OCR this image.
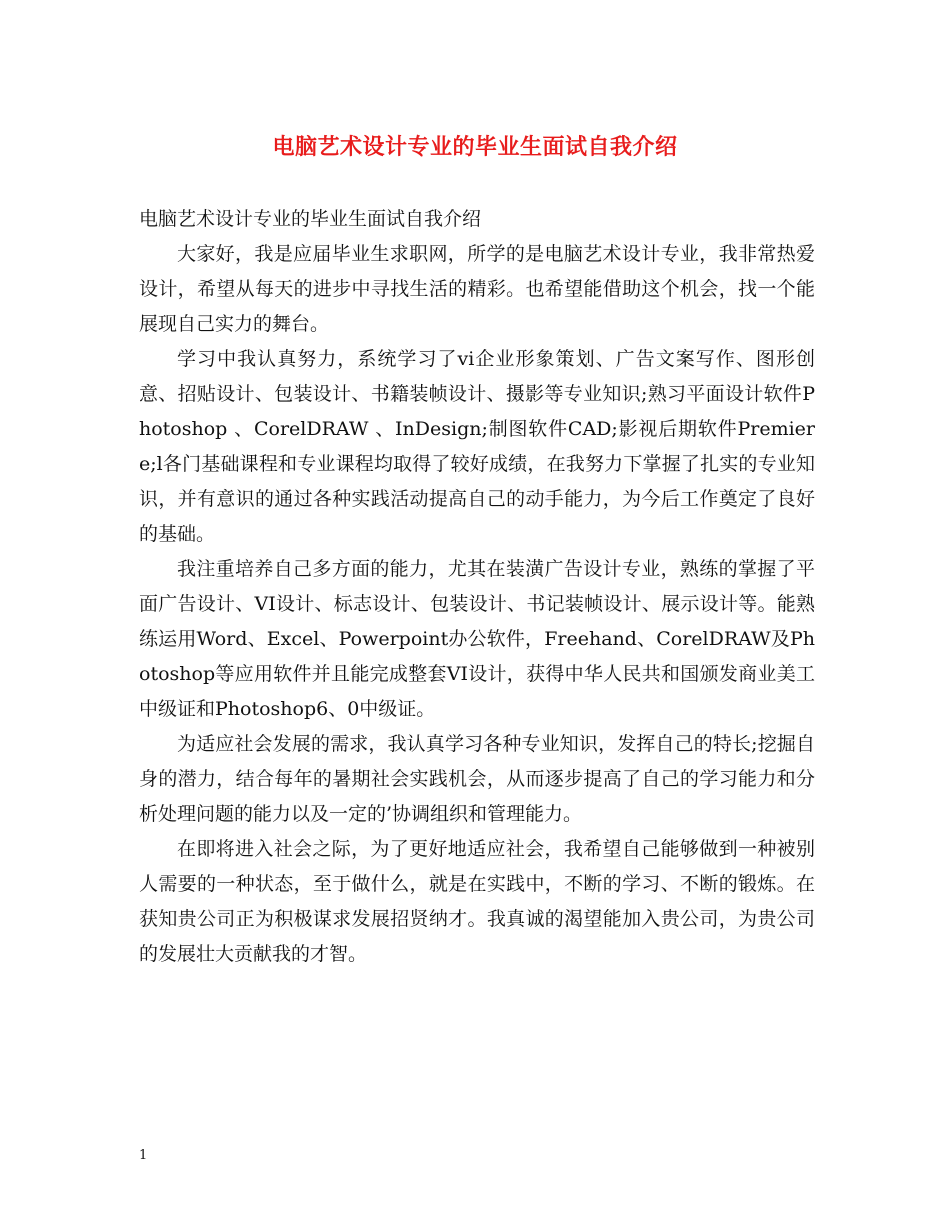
电脑艺术设计专业的毕业生面试自我介绍

电脑艺术设计专业的毕业生面试自我介绍

大家好，我是应届毕业生求职网，所学的是电脑艺术设计专业，我非常热爱设计，希望从每天的进步中寻找生活的精彩。也希望能借助这个机会，找一个能展现自己实力的舞台。

学习中我认真努力，系统学习了vi企业形象策划、广告文案写作、图形创意、招贴设计、包装设计、书籍装帧设计、摄影等专业知识;熟习平面设计软件Photoshop 、CorelDRAW 、InDesign;制图软件CAD;影视后期软件Premiere;l各门基础课程和专业课程均取得了较好成绩，在我努力下掌握了扎实的专业知识，并有意识的通过各种实践活动提高自己的动手能力，为今后工作奠定了良好的基础。

我注重培养自己多方面的能力，尤其在装潢广告设计专业，熟练的掌握了平面广告设计、VI设计、标志设计、包装设计、书记装帧设计、展示设计等。能熟练运用Word、Excel、Powerpoint办公软件，Freehand、CorelDRAW及Photoshop等应用软件并且能完成整套VI设计，获得中华人民共和国颁发商业美工中级证和Photoshop6、0中级证。

为适应社会发展的需求，我认真学习各种专业知识，发挥自己的特长;挖掘自身的潜力，结合每年的暑期社会实践机会，从而逐步提高了自己的学习能力和分析处理问题的能力以及一定的’协调组织和管理能力。

在即将进入社会之际，为了更好地适应社会，我希望自己能够做到一种被别人需要的一种状态，至于做什么，就是在实践中，不断的学习、不断的锻炼。在获知贵公司正为积极谋求发展招贤纳才。我真诚的渴望能加入贵公司，为贵公司的发展壮大贡献我的才智。

1
